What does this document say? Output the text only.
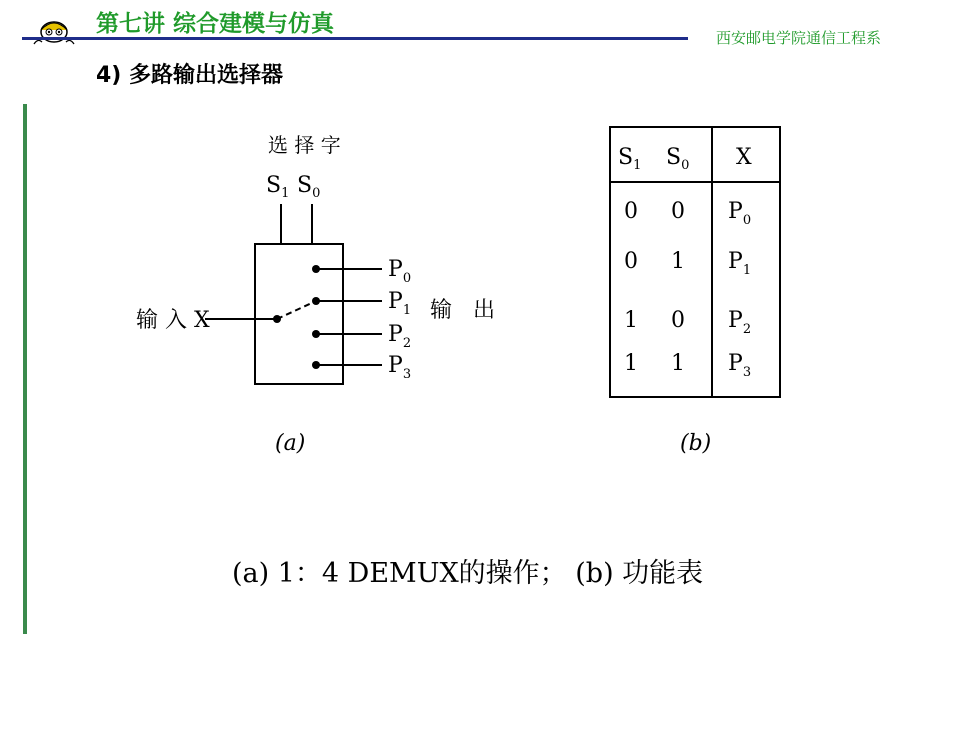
第七讲 综合建模与仿真
西安邮电学院通信工程系
4) 多路输出选择器
选 择 字
$S_1$ $S_0$
输 入 X
$P_0$
$P_1$
$P_2$
$P_3$
输   出
(a)
$S_1$ $S_0$ X
0 0 $P_0$
0 1 $P_1$
1 0 $P_2$
1 1 $P_3$
(b)
(a) 1：4 DEMUX的操作； (b) 功能表
